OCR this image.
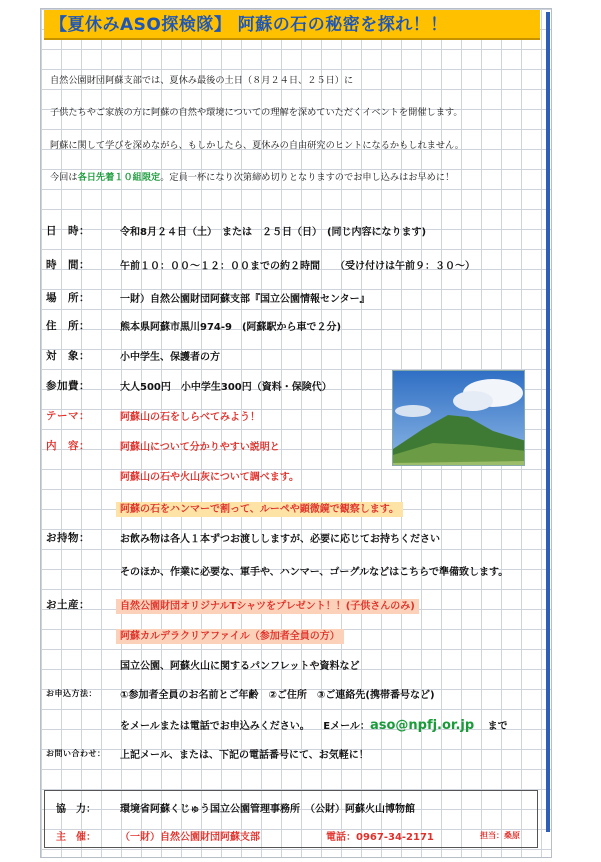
【夏休みASO探検隊】 阿蘇の石の秘密を探れ！！
自然公園財団阿蘇支部では、夏休み最後の土日（８月２４日、２５日）に
子供たちやご家族の方に阿蘇の自然や環境についての理解を深めていただくイベントを開催します。
阿蘇に関して学びを深めながら、もしかしたら、夏休みの自由研究のヒントになるかもしれません。
今回は各日先着１０組限定。定員一杯になり次第締め切りとなりますのでお申し込みはお早めに！
日　時：	令和8月２４日（土）　または　２５日（日）　(同じ内容になります)
時　間：	午前１０：００～１２：００までの約２時間　　（受け付けは午前９：３０～）
場　所：	一財）自然公園財団阿蘇支部『国立公園情報センター』
住　所：	熊本県阿蘇市黒川974-9　(阿蘇駅から車で２分)
対　象：	小中学生、保護者の方
参加費：	大人500円　小中学生300円（資料・保険代）
テーマ：	阿蘇山の石をしらべてみよう！
内　容：	阿蘇山について分かりやすい説明と
阿蘇山の石や火山灰について調べます。
阿蘇の石をハンマーで割って、ルーペや顕微鏡で観察します。
お持物：	お飲み物は各人１本ずつお渡ししますが、必要に応じてお持ちください
そのほか、作業に必要な、軍手や、ハンマー、ゴーグルなどはこちらで準備致します。
お土産：	自然公園財団オリジナルTシャツをプレゼント！！(子供さんのみ)
阿蘇カルデラクリアファイル（参加者全員の方）
国立公園、阿蘇火山に関するパンフレットや資料など
お申込方法： ①参加者全員のお名前とご年齢　②ご住所　③ご連絡先(携帯番号など)
をメールまたは電話でお申込みください。 Eメール：aso@npfj.or.jp まで
お問い合わせ： 上記メール、または、下記の電話番号にて、お気軽に！
協　力： 環境省阿蘇くじゅう国立公園管理事務所　（公財）阿蘇火山博物館
主　催： （一財）自然公園財団阿蘇支部	電話：0967-34-2171	担当：桑原
